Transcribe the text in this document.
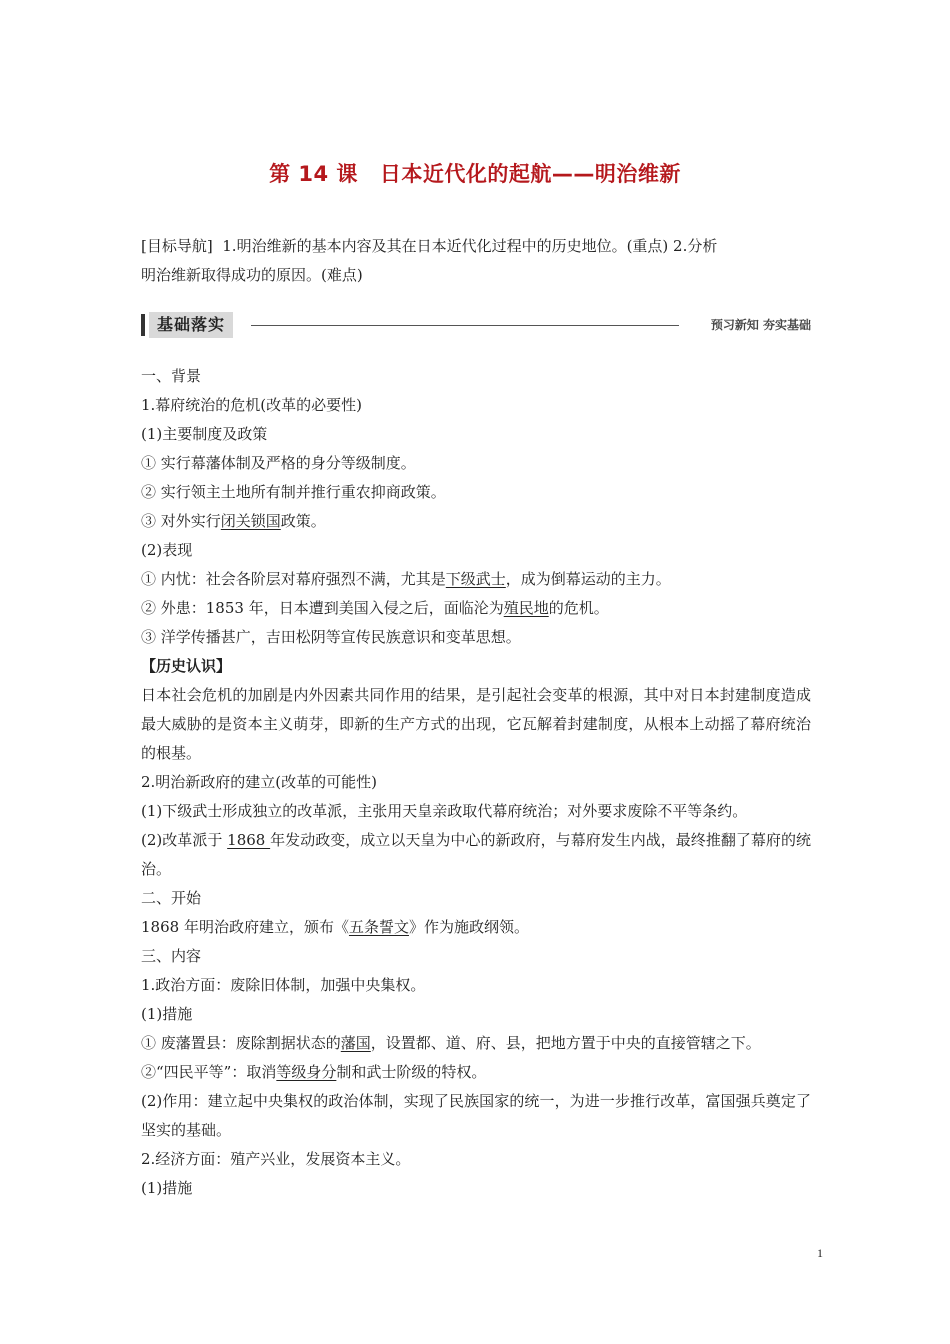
第 14 课 日本近代化的起航——明治维新
[目标导航] 1.明治维新的基本内容及其在日本近代化过程中的历史地位。(重点) 2.分析
明治维新取得成功的原因。(难点)
基础落实	预习新知 夯实基础

一、背景

1.幕府统治的危机(改革的必要性)

(1)主要制度及政策

① 实行幕藩体制及严格的身分等级制度。

② 实行领主土地所有制并推行重农抑商政策。

③ 对外实行闭关锁国政策。

(2)表现

① 内忧：社会各阶层对幕府强烈不满，尤其是下级武士，成为倒幕运动的主力。

② 外患：1853 年，日本遭到美国入侵之后，面临沦为殖民地的危机。

③ 洋学传播甚广，吉田松阴等宣传民族意识和变革思想。

【历史认识】

日本社会危机的加剧是内外因素共同作用的结果，是引起社会变革的根源，其中对日本封建制度造成最大威胁的是资本主义萌芽，即新的生产方式的出现，它瓦解着封建制度，从根本上动摇了幕府统治的根基。

2.明治新政府的建立(改革的可能性)

(1)下级武士形成独立的改革派，主张用天皇亲政取代幕府统治；对外要求废除不平等条约。

(2)改革派于 1868 年发动政变，成立以天皇为中心的新政府，与幕府发生内战，最终推翻了幕府的统治。

二、开始

1868 年明治政府建立，颁布《五条誓文》作为施政纲领。

三、内容

1.政治方面：废除旧体制，加强中央集权。

(1)措施

① 废藩置县：废除割据状态的藩国，设置都、道、府、县，把地方置于中央的直接管辖之下。

②“四民平等”：取消等级身分制和武士阶级的特权。

(2)作用：建立起中央集权的政治体制，实现了民族国家的统一，为进一步推行改革，富国强兵奠定了坚实的基础。

2.经济方面：殖产兴业，发展资本主义。

(1)措施

1
